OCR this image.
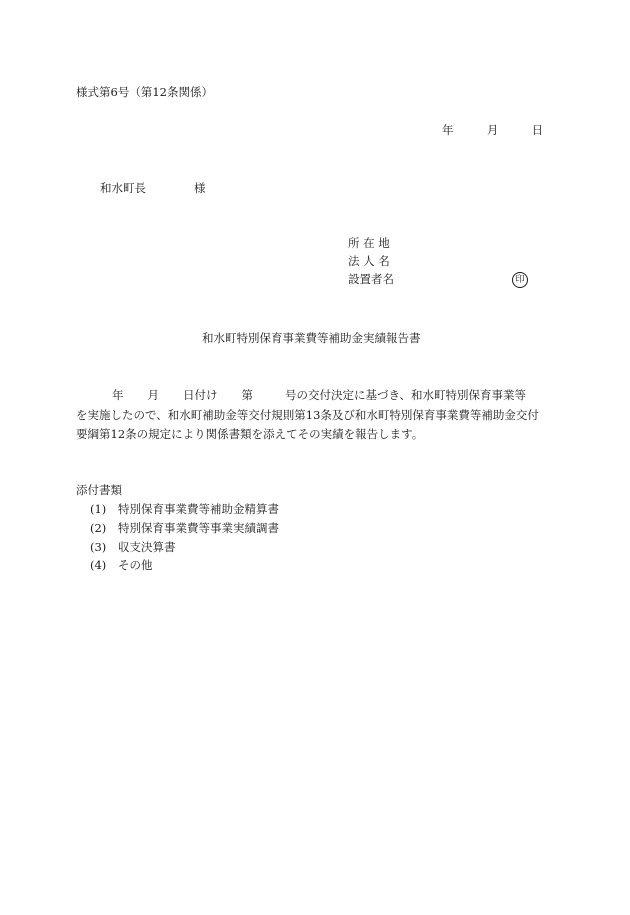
様式第6号（第12条関係）
年	月	日
和水町長	様
所 在 地
法 人 名
設置者名	印
和水町特別保育事業費等補助金実績報告書
年 月 日付け 第	号の交付決定に基づき、和水町特別保育事業等
を実施したので、和水町補助金等交付規則第13条及び和水町特別保育事業費等補助金交付
要綱第12条の規定により関係書類を添えてその実績を報告します。
添付書類
(1) 特別保育事業費等補助金精算書
(2) 特別保育事業費等事業実績調書
(3) 収支決算書
(4) その他
